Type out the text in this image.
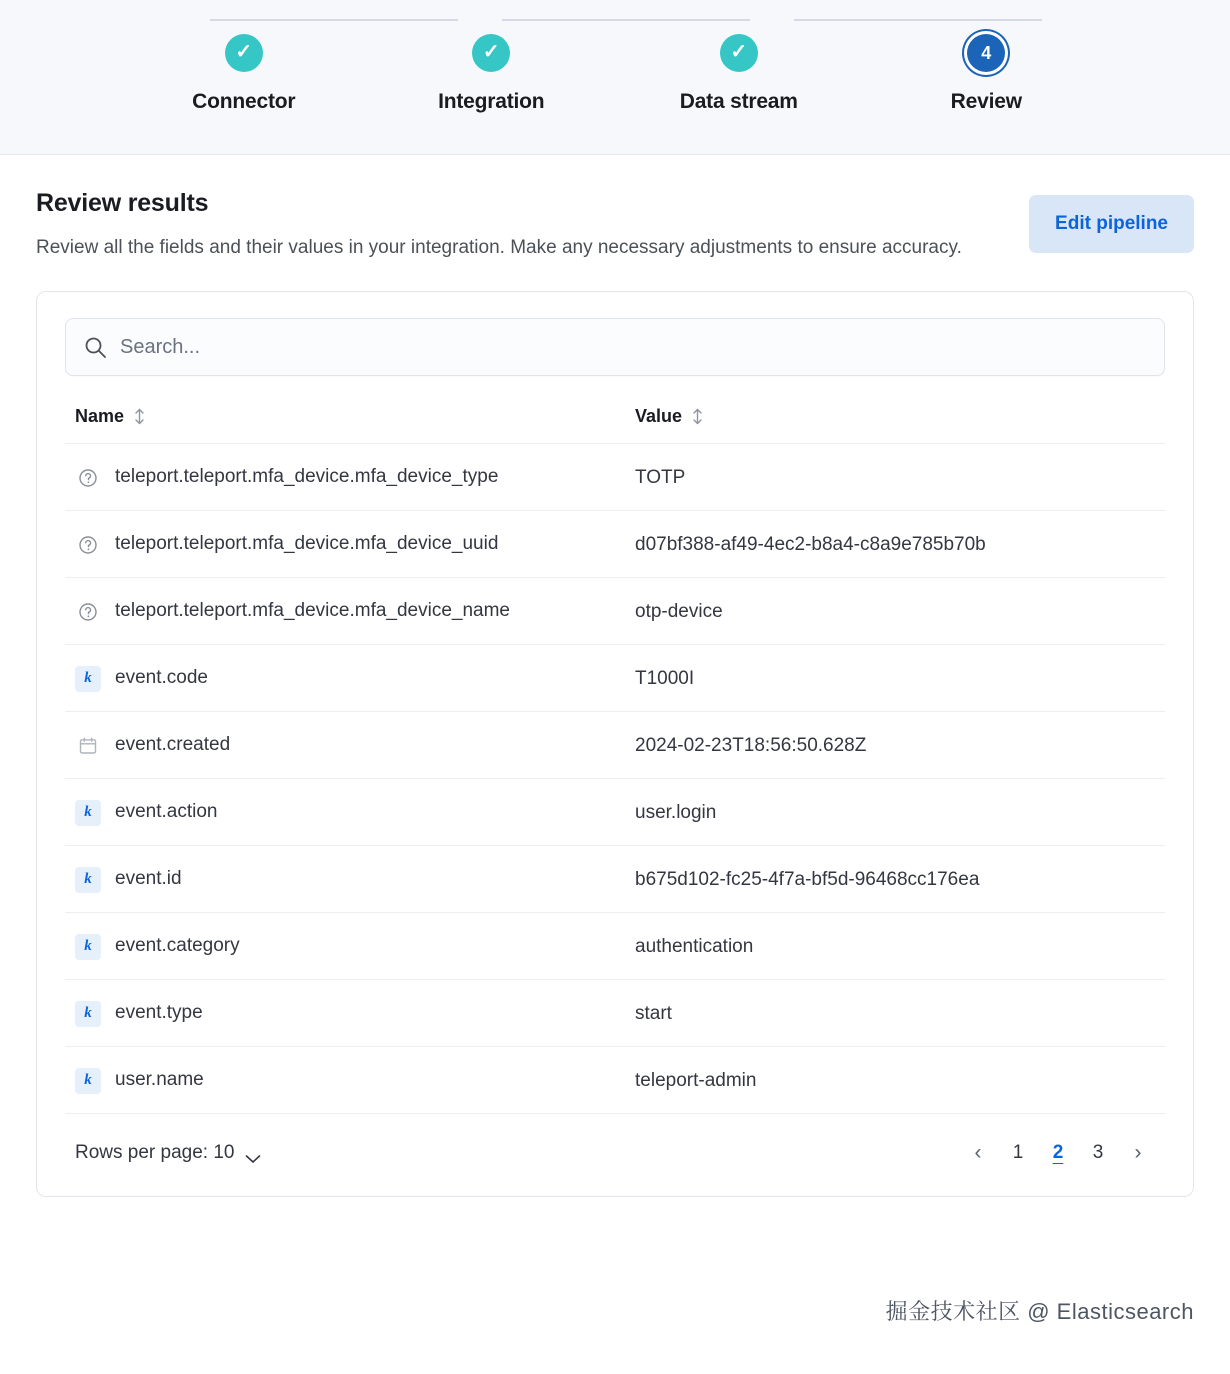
✓
Connector
✓
Integration
✓
Data stream
4
Review
Review results

Review all the fields and their values in your integration. Make any necessary adjustments to ensure accuracy.

Edit pipeline
Search...
Name	Value

teleport.teleport.mfa_device.mfa_device_type	TOTP

teleport.teleport.mfa_device.mfa_device_uuid	d07bf388-af49-4ec2-b8a4-c8a9e785b70b

teleport.teleport.mfa_device.mfa_device_name	otp-device

k event.code	T1000I

event.created	2024-02-23T18:56:50.628Z

k event.action	user.login

k event.id	b675d102-fc25-4f7a-bf5d-96468cc176ea

k event.category	authentication

k event.type	start

k user.name	teleport-admin
Rows per page: 10	‹	1	2	3	›
掘金技术社区 @ Elasticsearch
